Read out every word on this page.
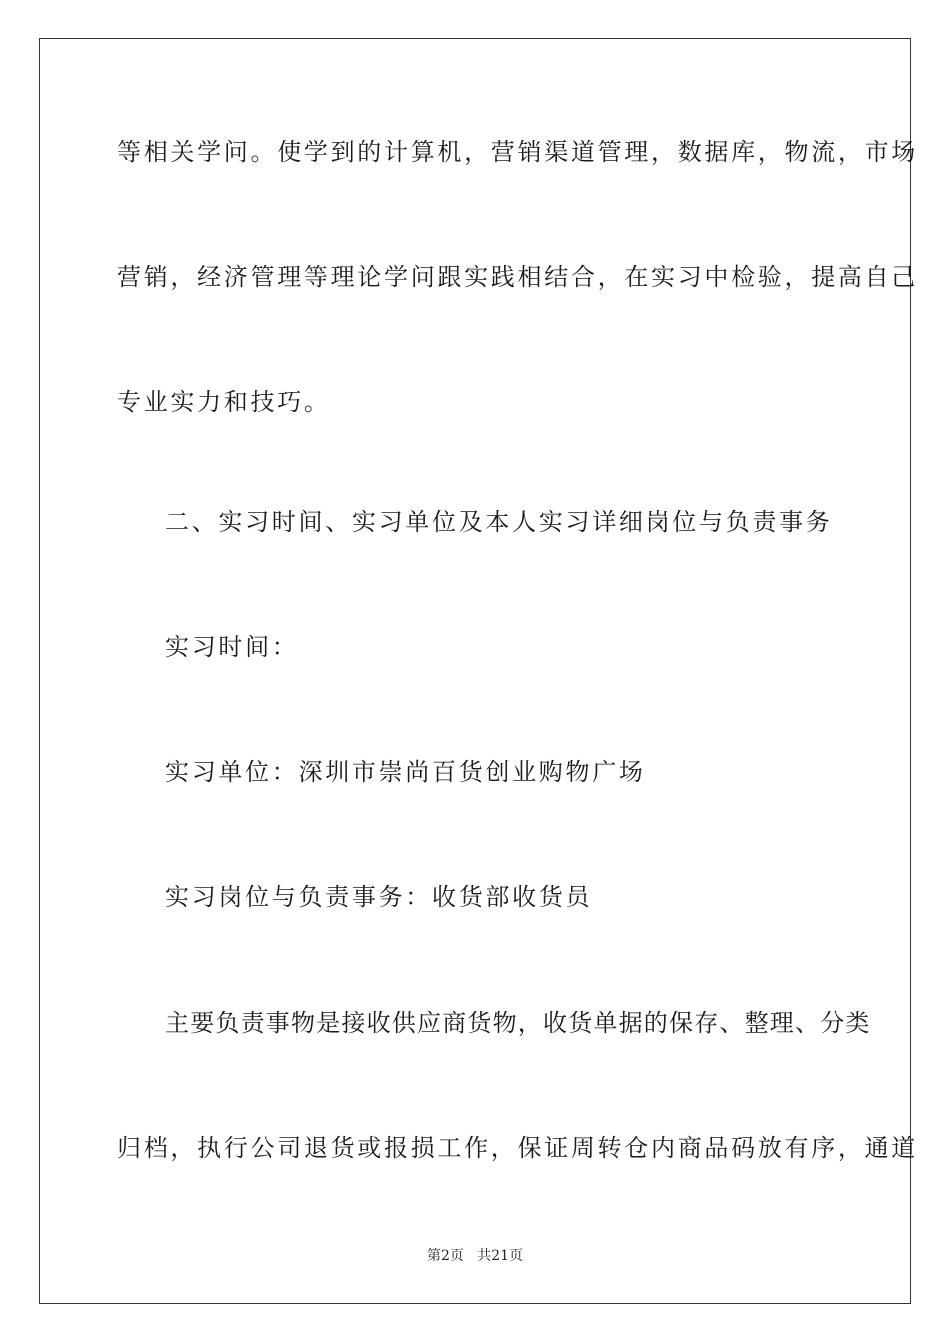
等相关学问。使学到的计算机，营销渠道管理，数据库，物流，市场
营销，经济管理等理论学问跟实践相结合，在实习中检验，提高自己
专业实力和技巧。
二、实习时间、实习单位及本人实习详细岗位与负责事务
实习时间：
实习单位：深圳市崇尚百货创业购物广场
实习岗位与负责事务：收货部收货员
主要负责事物是接收供应商货物，收货单据的保存、整理、分类
归档，执行公司退货或报损工作，保证周转仓内商品码放有序，通道
第2页   共21页
